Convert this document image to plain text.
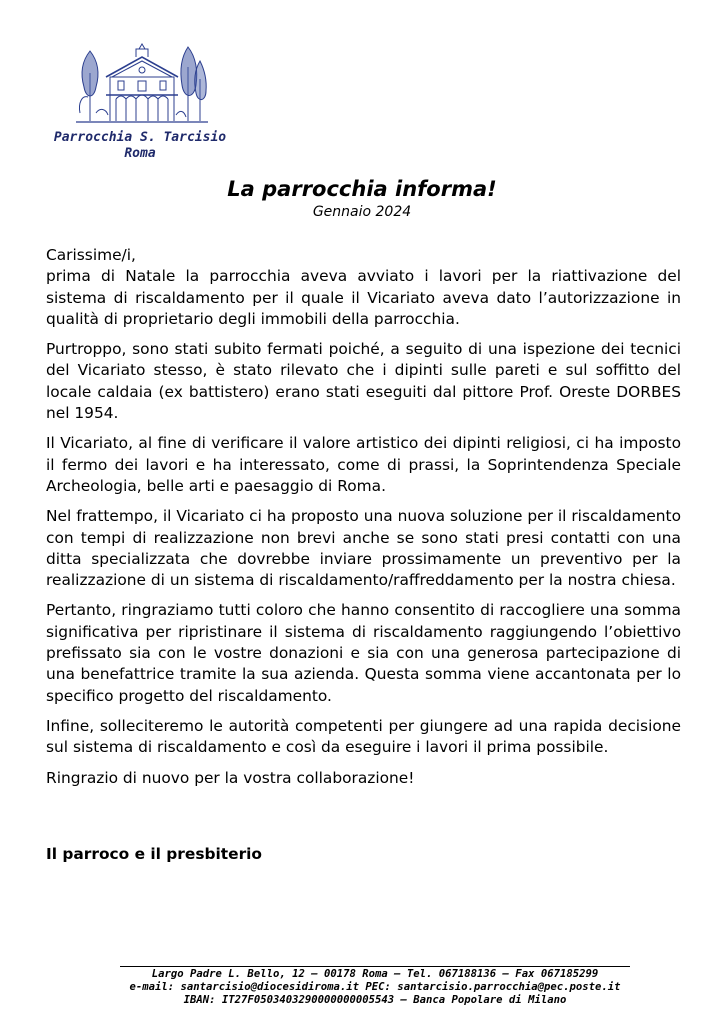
Parrocchia S. Tarcisio
Roma
La parrocchia informa!
Gennaio 2024

Carissime/i,

prima di Natale la parrocchia aveva avviato i lavori per la riattivazione del sistema di riscaldamento per il quale il Vicariato aveva dato l’autorizzazione in qualità di proprietario degli immobili della parrocchia.

Purtroppo, sono stati subito fermati poiché, a seguito di una ispezione dei tecnici del Vicariato stesso, è stato rilevato che i dipinti sulle pareti e sul soffitto del locale caldaia (ex battistero) erano stati eseguiti dal pittore Prof. Oreste DORBES nel 1954.

Il Vicariato, al fine di verificare il valore artistico dei dipinti religiosi, ci ha imposto il fermo dei lavori e ha interessato, come di prassi, la Soprintendenza Speciale Archeologia, belle arti e paesaggio di Roma.

Nel frattempo, il Vicariato ci ha proposto una nuova soluzione per il riscaldamento con tempi di realizzazione non brevi anche se sono stati presi contatti con una ditta specializzata che dovrebbe inviare prossimamente un preventivo per la realizzazione di un sistema di riscaldamento/raffreddamento per la nostra chiesa.

Pertanto, ringraziamo tutti coloro che hanno consentito di raccogliere una somma significativa per ripristinare il sistema di riscaldamento raggiungendo l’obiettivo prefissato sia con le vostre donazioni e sia con una generosa partecipazione di una benefattrice tramite la sua azienda. Questa somma viene accantonata per lo specifico progetto del riscaldamento.

Infine, solleciteremo le autorità competenti per giungere ad una rapida decisione sul sistema di riscaldamento e così da eseguire i lavori il prima possibile.

Ringrazio di nuovo per la vostra collaborazione!

Il parroco e il presbiterio
Largo Padre L. Bello, 12 – 00178 Roma – Tel. 067188136 – Fax 067185299
e-mail: santarcisio@diocesidiroma.it PEC: santarcisio.parrocchia@pec.poste.it
IBAN: IT27F0503403290000000005543 – Banca Popolare di Milano
